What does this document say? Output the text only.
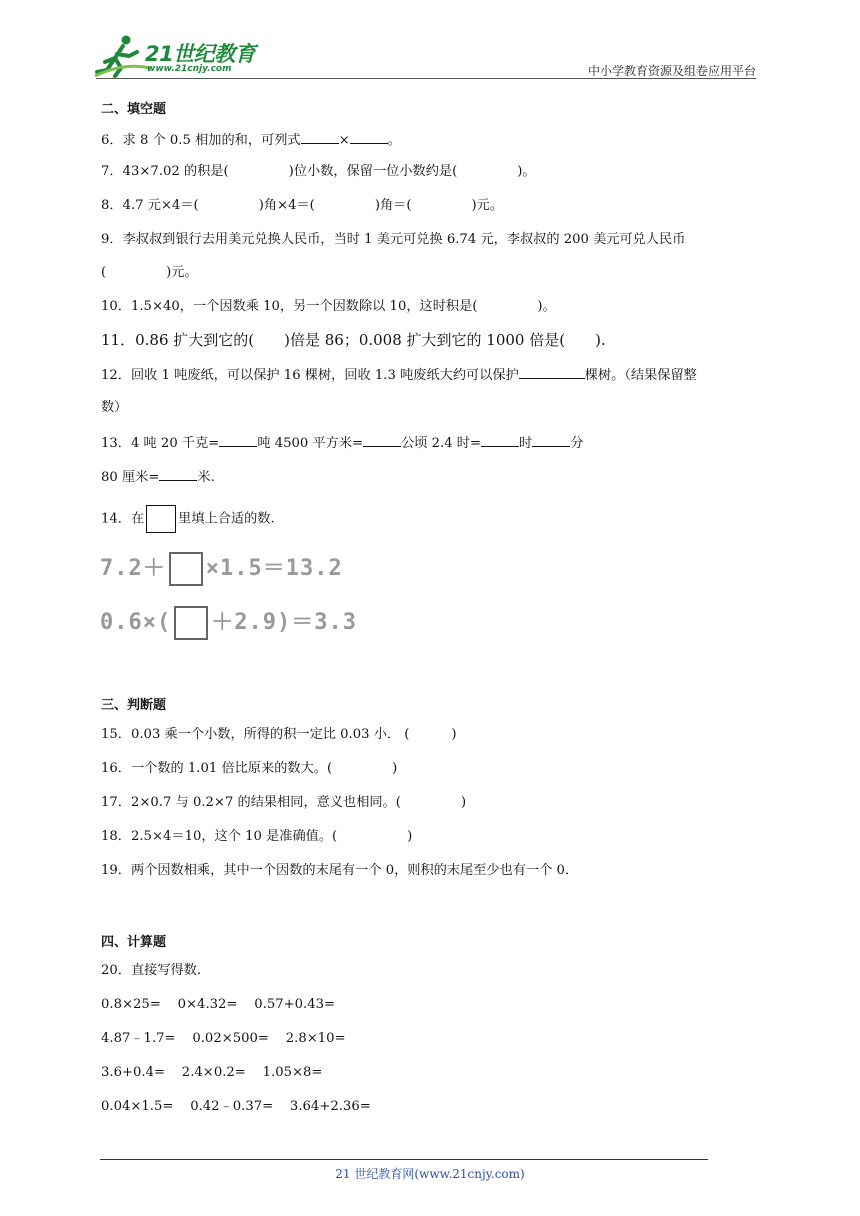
21世纪教育
www.21cnjy.com	中小学教育资源及组卷应用平台
二、填空题
6．求 8 个 0.5 相加的和，可列式	×	。
7．43×7.02 的积是(	)位小数，保留一位小数约是(	)。
8．4.7 元×4＝(	)角×4＝(	)角＝(	)元。
9．李叔叔到银行去用美元兑换人民币，当时 1 美元可兑换 6.74 元，李叔叔的 200 美元可兑人民币
(	)元。
10．1.5×40，一个因数乘 10，另一个因数除以 10，这时积是(	)。
11．0.86 扩大到它的( )倍是 86；0.008 扩大到它的 1000 倍是( ).
12．回收 1 吨废纸，可以保护 16 棵树，回收 1.3 吨废纸大约可以保护	棵树。（结果保留整
数）
13．4 吨 20 千克=	吨 4500 平方米=	公顷 2.4 时=	时	分
80 厘米=	米.
14．在	里填上合适的数.
7.2＋ ×1.5＝13.2
0.6×( ＋2.9)＝3.3
三、判断题
15．0.03 乘一个小数，所得的积一定比 0.03 小． (	)
16．一个数的 1.01 倍比原来的数大。(	)
17．2×0.7 与 0.2×7 的结果相同，意义也相同。(	)
18．2.5×4＝10，这个 10 是准确值。(	)
19．两个因数相乘，其中一个因数的末尾有一个 0，则积的末尾至少也有一个 0．
四、计算题
20．直接写得数.
0.8×25=    0×4.32=    0.57+0.43=
4.87﹣1.7=    0.02×500=    2.8×10=
3.6+0.4=    2.4×0.2=    1.05×8=
0.04×1.5=    0.42﹣0.37=    3.64+2.36=
21 世纪教育网(www.21cnjy.com)
